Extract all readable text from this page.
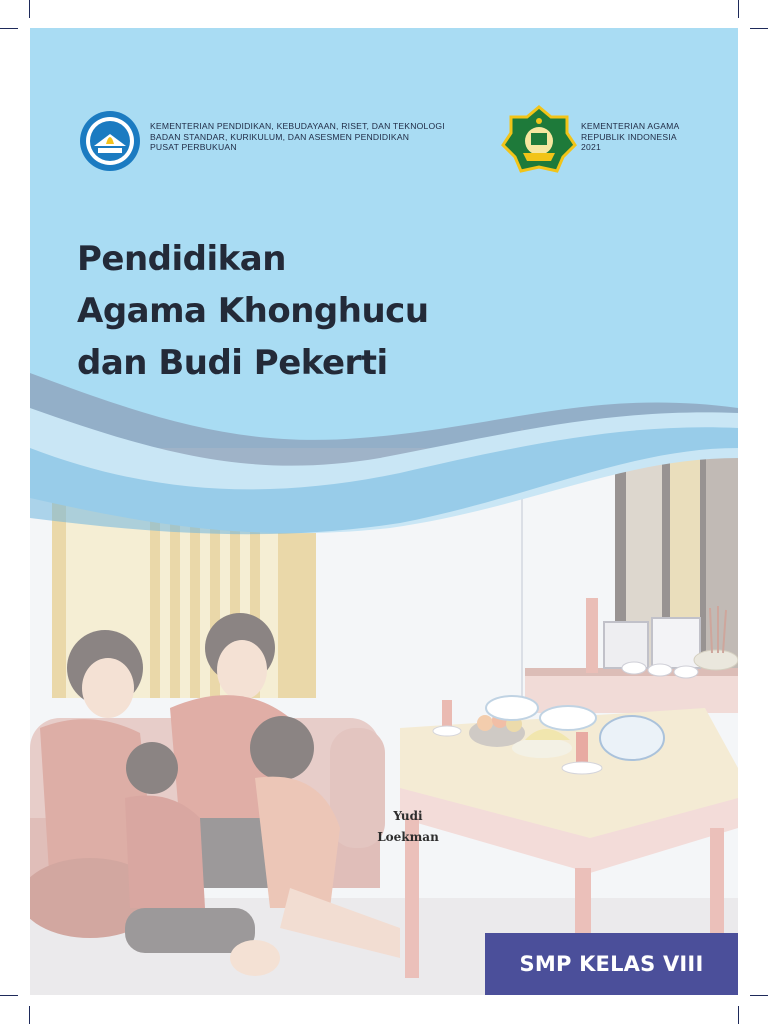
KEMENTERIAN PENDIDIKAN, KEBUDAYAAN, RISET, DAN TEKNOLOGI
BADAN STANDAR, KURIKULUM, DAN ASESMEN PENDIDIKAN
PUSAT PERBUKUAN
KEMENTERIAN AGAMA
REPUBLIK INDONESIA
2021
Pendidikan
Agama Khonghucu
dan Budi Pekerti
Yudi
Loekman
SMP KELAS VIII
